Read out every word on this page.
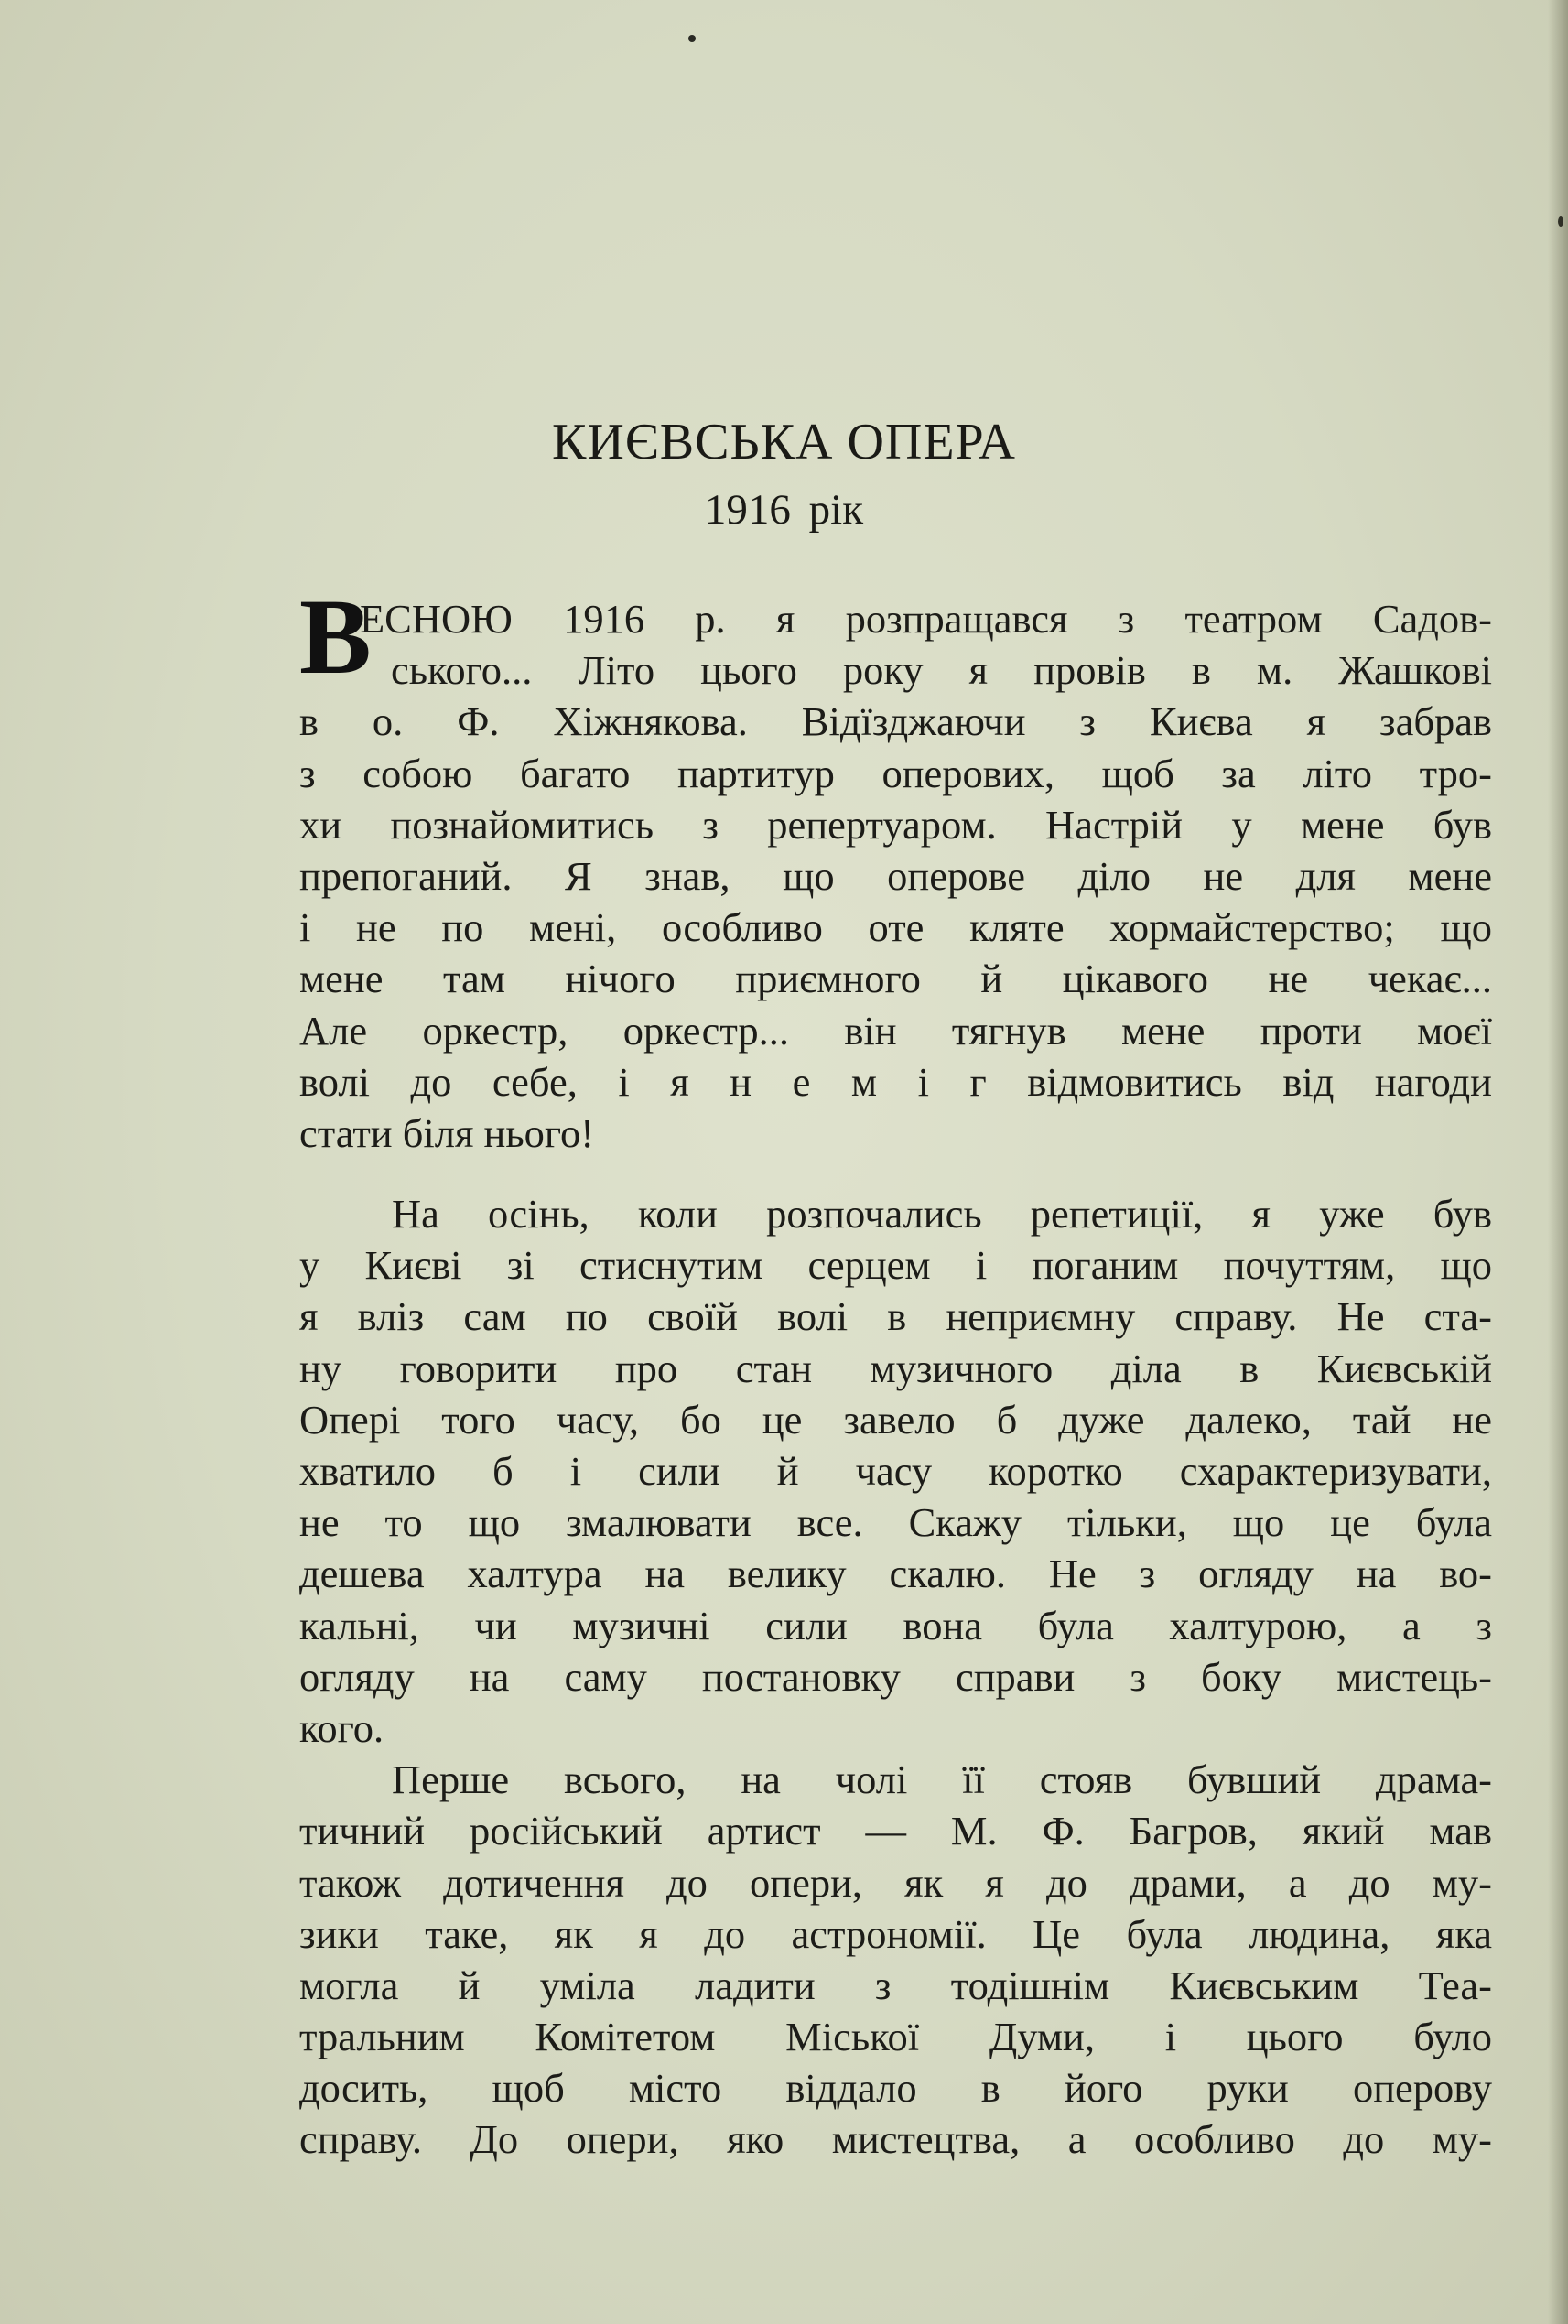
КИЄВСЬКА ОПЕРА
1916 рік
В
ЕСНОЮ 1916 р. я розпращався з театром Садов-
ського... Літо цього року я провів в м. Жашкові
в о. Ф. Хіжнякова. Відїзджаючи з Києва я забрав
з собою багато партитур оперових, щоб за літо тро-
хи познайомитись з репертуаром. Настрій у мене був
препоганий. Я знав, що оперове діло не для мене
і не по мені, особливо оте кляте хормайстерство; що
мене там нічого приємного й цікавого не чекає...
Але оркестр, оркестр... він тягнув мене проти моєї
волі до себе, і я н е м і г відмовитись від нагоди
стати біля нього!
На осінь, коли розпочались репетиції, я уже був
у Києві зі стиснутим серцем і поганим почуттям, що
я вліз сам по своїй волі в неприємну справу. Не ста-
ну говорити про стан музичного діла в Києвській
Опері того часу, бо це завело б дуже далеко, тай не
хватило б і сили й часу коротко схарактеризувати,
не то що змалювати все. Скажу тільки, що це була
дешева халтура на велику скалю. Не з огляду на во-
кальні, чи музичні сили вона була халтурою, а з
огляду на саму постановку справи з боку мистець-
кого.
Перше всього, на чолі її стояв бувший драма-
тичний російський артист — М. Ф. Багров, який мав
також дотичення до опери, як я до драми, а до му-
зики таке, як я до астрономії. Це була людина, яка
могла й уміла ладити з тодішнім Києвським Теа-
тральним Комітетом Міської Думи, і цього було
досить, щоб місто віддало в його руки оперову
справу. До опери, яко мистецтва, а особливо до му-
